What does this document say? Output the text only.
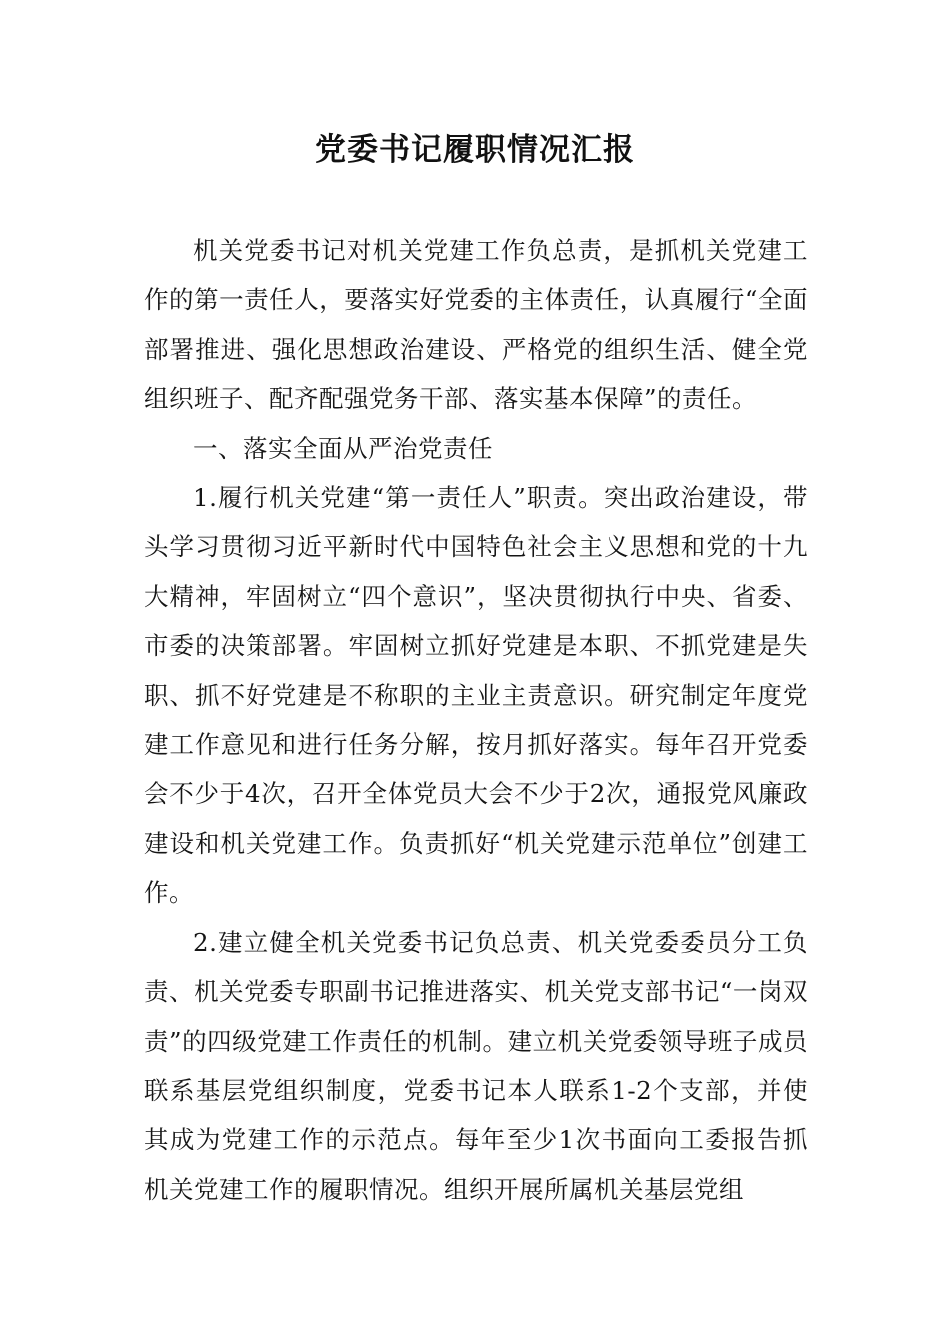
党委书记履职情况汇报

机关党委书记对机关党建工作负总责，是抓机关党建工作的第一责任人，要落实好党委的主体责任，认真履行“全面部署推进、强化思想政治建设、严格党的组织生活、健全党组织班子、配齐配强党务干部、落实基本保障”的责任。

一、落实全面从严治党责任

1.履行机关党建“第一责任人”职责。突出政治建设，带头学习贯彻习近平新时代中国特色社会主义思想和党的十九大精神，牢固树立“四个意识”，坚决贯彻执行中央、省委、市委的决策部署。牢固树立抓好党建是本职、不抓党建是失职、抓不好党建是不称职的主业主责意识。研究制定年度党建工作意见和进行任务分解，按月抓好落实。每年召开党委会不少于4次，召开全体党员大会不少于2次，通报党风廉政建设和机关党建工作。负责抓好“机关党建示范单位”创建工作。

2.建立健全机关党委书记负总责、机关党委委员分工负责、机关党委专职副书记推进落实、机关党支部书记“一岗双责”的四级党建工作责任的机制。建立机关党委领导班子成员联系基层党组织制度，党委书记本人联系1-2个支部，并使其成为党建工作的示范点。每年至少1次书面向工委报告抓机关党建工作的履职情况。组织开展所属机关基层党组
